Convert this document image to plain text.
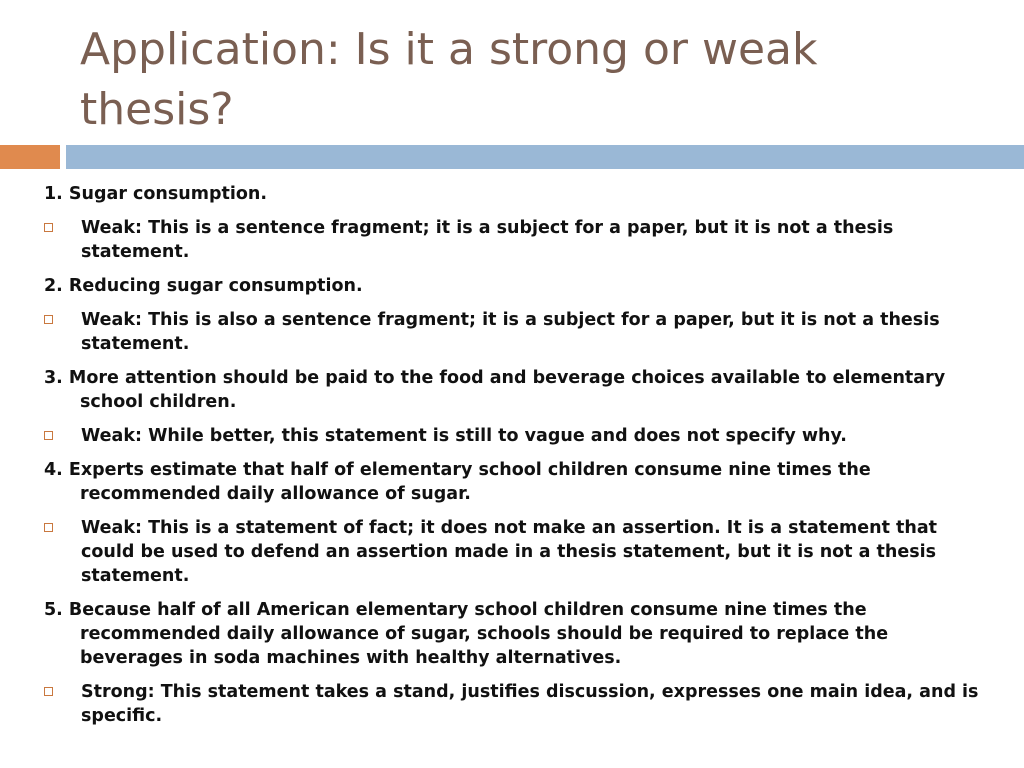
Application: Is it a strong or weak thesis?
1. Sugar consumption.
Weak: This is a sentence fragment; it is a subject for a paper, but it is not a thesis statement.
2. Reducing sugar consumption.
Weak: This is also a sentence fragment; it is a subject for a paper, but it is not a thesis statement.
3. More attention should be paid to the food and beverage choices available to elementary school children.
Weak: While better, this statement is still to vague and does not specify why.
4. Experts estimate that half of elementary school children consume nine times the recommended daily allowance of sugar.
Weak: This is a statement of fact; it does not make an assertion. It is a statement that could be used to defend an assertion made in a thesis statement, but it is not a thesis statement.
5. Because half of all American elementary school children consume nine times the recommended daily allowance of sugar, schools should be required to replace the beverages in soda machines with healthy alternatives.
Strong: This statement takes a stand, justifies discussion, expresses one main idea, and is specific.
